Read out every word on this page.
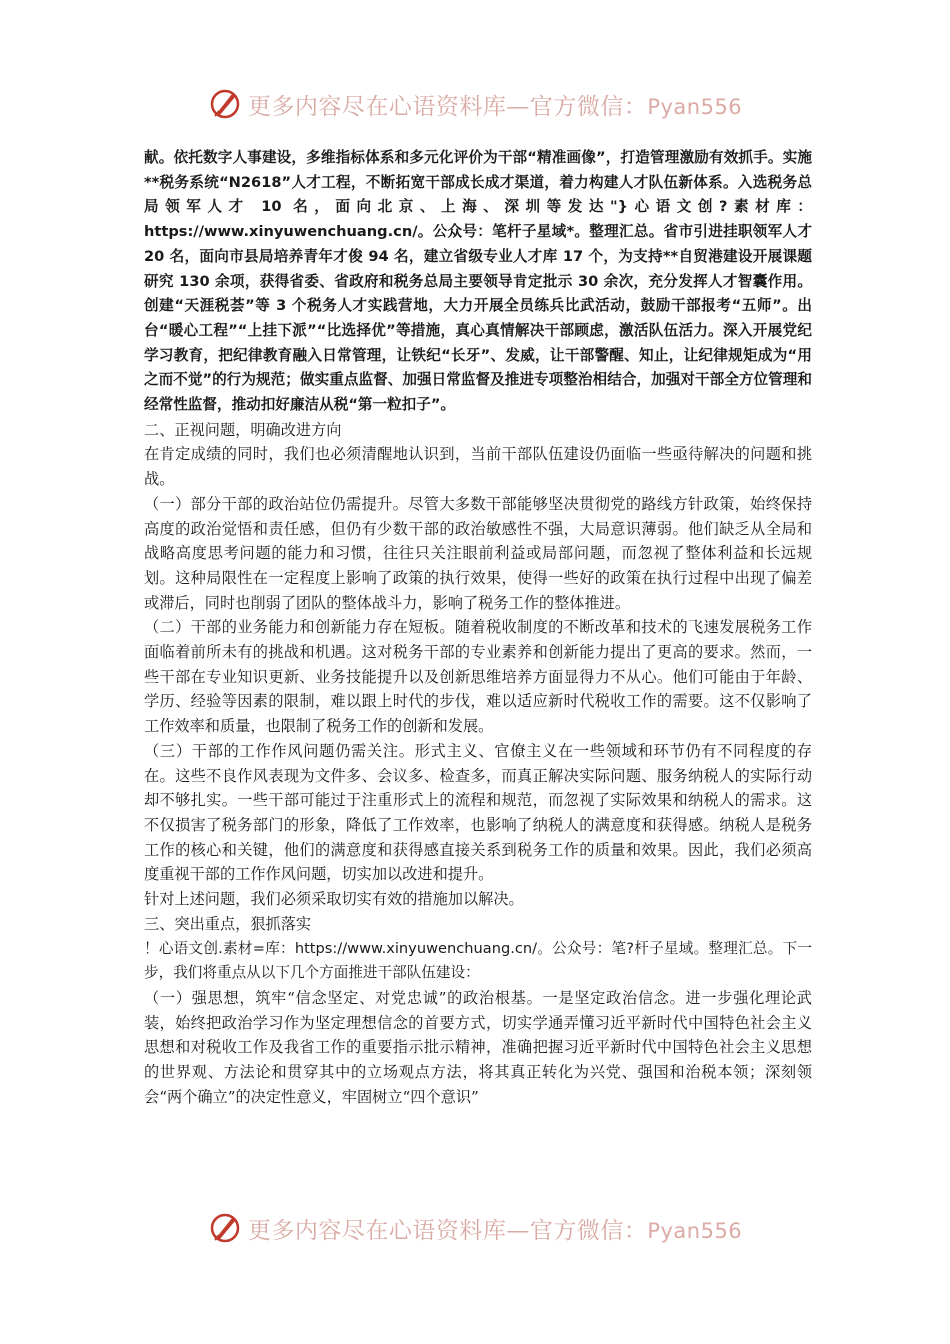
更多内容尽在心语资料库—官方微信：Pyan556

献。依托数字人事建设，多维指标体系和多元化评价为干部“精准画像”，打造管理激励有效抓手。实施**税务系统“N2618”人才工程，不断拓宽干部成长成才渠道，着力构建人才队伍新体系。入选税务总局领军人才 10 名，面向北京、上海、深圳等发达"}心语文创?素材库：https://www.xinyuwenchuang.cn/。公众号：笔杆子星域*。整理汇总。省市引进挂职领军人才 20 名，面向市县局培养青年才俊 94 名，建立省级专业人才库 17 个，为支持**自贸港建设开展课题研究 130 余项，获得省委、省政府和税务总局主要领导肯定批示 30 余次，充分发挥人才智囊作用。创建“天涯税荟”等 3 个税务人才实践营地，大力开展全员练兵比武活动，鼓励干部报考“五师”。出台“暖心工程”“上挂下派”“比选择优”等措施，真心真情解决干部顾虑，激活队伍活力。深入开展党纪学习教育，把纪律教育融入日常管理，让铁纪“长牙”、发威，让干部警醒、知止，让纪律规矩成为“用之而不觉”的行为规范；做实重点监督、加强日常监督及推进专项整治相结合，加强对干部全方位管理和经常性监督，推动扣好廉洁从税“第一粒扣子”。

二、正视问题，明确改进方向

在肯定成绩的同时，我们也必须清醒地认识到，当前干部队伍建设仍面临一些亟待解决的问题和挑战。

（一）部分干部的政治站位仍需提升。尽管大多数干部能够坚决贯彻党的路线方针政策，始终保持高度的政治觉悟和责任感，但仍有少数干部的政治敏感性不强，大局意识薄弱。他们缺乏从全局和战略高度思考问题的能力和习惯，往往只关注眼前利益或局部问题，而忽视了整体利益和长远规划。这种局限性在一定程度上影响了政策的执行效果，使得一些好的政策在执行过程中出现了偏差或滞后，同时也削弱了团队的整体战斗力，影响了税务工作的整体推进。

（二）干部的业务能力和创新能力存在短板。随着税收制度的不断改革和技术的飞速发展税务工作面临着前所未有的挑战和机遇。这对税务干部的专业素养和创新能力提出了更高的要求。然而，一些干部在专业知识更新、业务技能提升以及创新思维培养方面显得力不从心。他们可能由于年龄、学历、经验等因素的限制，难以跟上时代的步伐，难以适应新时代税收工作的需要。这不仅影响了工作效率和质量，也限制了税务工作的创新和发展。

（三）干部的工作作风问题仍需关注。形式主义、官僚主义在一些领域和环节仍有不同程度的存在。这些不良作风表现为文件多、会议多、检查多，而真正解决实际问题、服务纳税人的实际行动却不够扎实。一些干部可能过于注重形式上的流程和规范，而忽视了实际效果和纳税人的需求。这不仅损害了税务部门的形象，降低了工作效率，也影响了纳税人的满意度和获得感。纳税人是税务工作的核心和关键，他们的满意度和获得感直接关系到税务工作的质量和效果。因此，我们必须高度重视干部的工作作风问题，切实加以改进和提升。

针对上述问题，我们必须采取切实有效的措施加以解决。

三、突出重点，狠抓落实

！心语文创.素材=库：https://www.xinyuwenchuang.cn/。公众号：笔?杆子星域。整理汇总。下一步，我们将重点从以下几个方面推进干部队伍建设：

（一）强思想，筑牢“信念坚定、对党忠诚”的政治根基。一是坚定政治信念。进一步强化理论武装，始终把政治学习作为坚定理想信念的首要方式，切实学通弄懂习近平新时代中国特色社会主义思想和对税收工作及我省工作的重要指示批示精神，准确把握习近平新时代中国特色社会主义思想的世界观、方法论和贯穿其中的立场观点方法，将其真正转化为兴党、强国和治税本领；深刻领会“两个确立”的决定性意义，牢固树立“四个意识”

更多内容尽在心语资料库—官方微信：Pyan556
